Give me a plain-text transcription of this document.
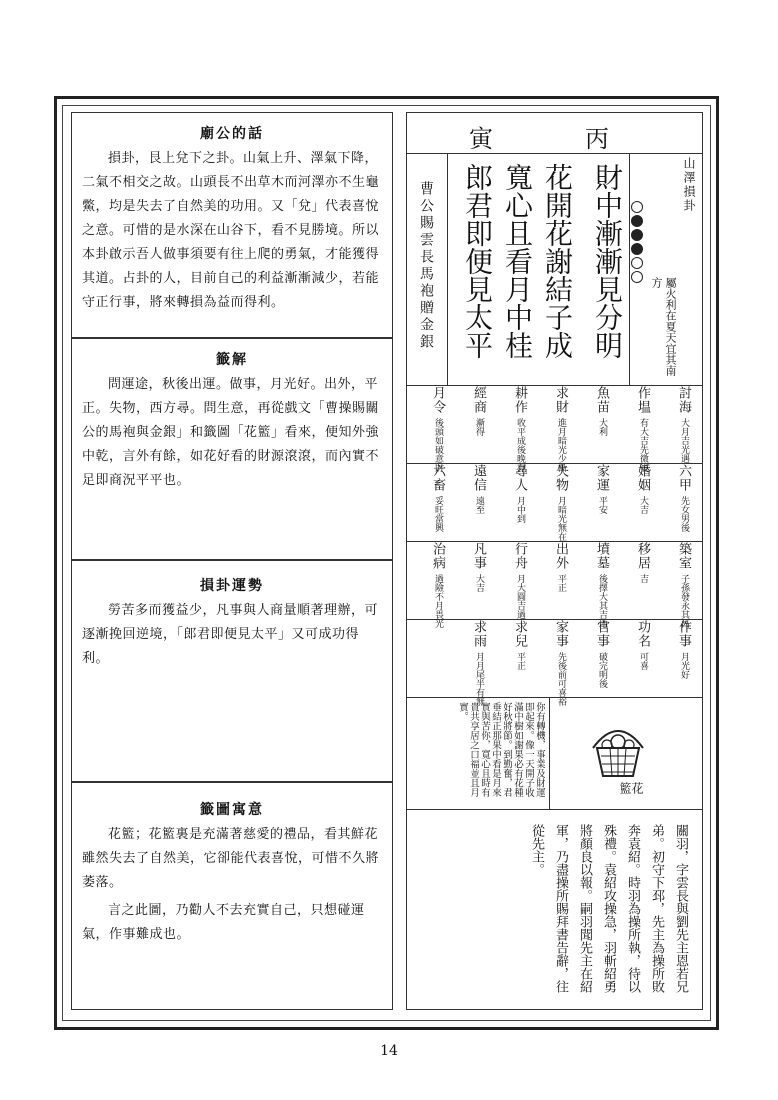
廟公的話

損卦，艮上兌下之卦。山氣上升、澤氣下降，二氣不相交之故。山頭長不出草木而河澤亦不生龜鱉，均是失去了自然美的功用。又「兌」代表喜悅之意。可惜的是水深在山谷下，看不見勝境。所以本卦啟示吾人做事須要有往上爬的勇氣，才能獲得其道。占卦的人，目前自己的利益漸漸減少，若能守正行事，將來轉損為益而得利。

籤解

問運途，秋後出運。做事，月光好。出外，平正。失物，西方尋。問生意，再從戲文「曹操賜關公的馬袍與金銀」和籤圖「花籃」看來，便知外強中乾，言外有餘，如花好看的財源滾滾，而內實不足即商況平平也。

損卦運勢

勞苦多而獲益少，凡事與人商量順著理辦，可逐漸挽回逆境，「郎君即便見太平」又可成功得利。

籤圖寓意

花籃；花籃裏是充滿著慈愛的禮品，看其鮮花雖然失去了自然美，它卻能代表喜悅，可惜不久將萎落。

言之此圖，乃勸人不去充實自己，只想碰運氣，作事難成也。

寅	丙
山澤損卦
屬火利在夏天宜其南方
財中漸漸見分明
花開花謝結子成
寬心且看月中桂
郎君即便見太平
曹公賜雲長馬袍贈金銀
討海
大月吉光遇
作塭
有大吉先微後
魚苗
大利
求財
進月暗光少漸
耕作
收平成後晚有
經商
漸得
月令
後頭如破意財
六甲
先女男後
婚姻
大吉
家運
平安
失物
月暗光無在
尋人
月中到
遠信
遠至
六畜
妥旺當興
築室
子孫發永其昌
移居
吉
墳墓
後擇大其吉地
出外
平正
行舟
月大圓吉過
凡事
大吉
治病
過險不月畏光
作事
月光好
功名
可喜
官事
破完明後
家事
先後前可喜裕
求兒
平正
求雨
月月尾半有無
你有轉機，事業及財運即起來。像一天開子收滿中樹如謝果必有花種好秋將節。到勤奮，君垂結正那果中看是月來實與苦你，寬心且時有貴共享居之口福並且月實。
花籃
關羽，字雲長與劉先主恩若兄弟。初守下邳，先主為操所敗奔袁紹。時羽為操所執，待以殊禮。袁紹攻操急，羽斬紹勇將顏良以報。嗣羽聞先主在紹軍，乃盡操所賜拜書告辭，往從先主。
14
